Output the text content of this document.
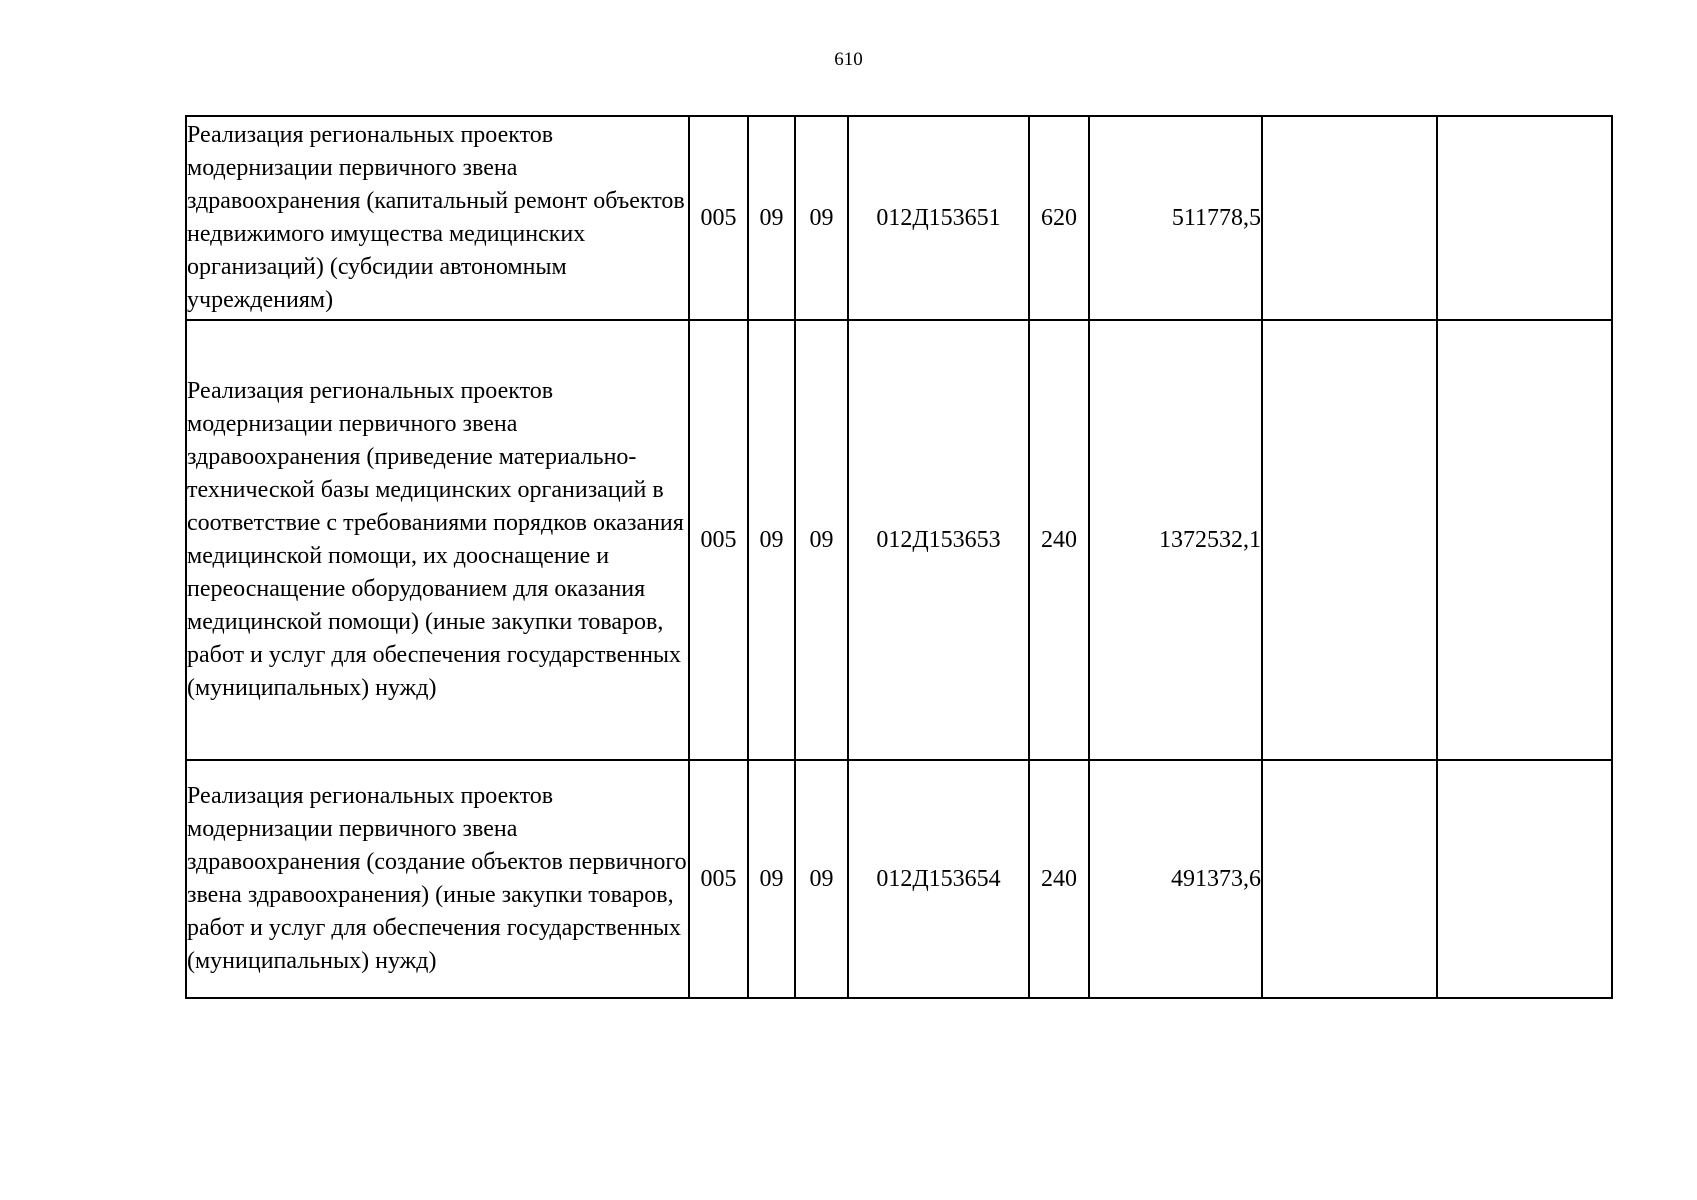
610
Реализация региональных проектов модернизации первичного звена здравоохранения (капитальный ремонт объектов недвижимого имущества медицинских организаций) (субсидии автономным учреждениям)	005	09	09	012Д153651	620	511778,5		
Реализация региональных проектов модернизации первичного звена здравоохранения (приведение материально-технической базы медицинских организаций в соответствие с требованиями порядков оказания медицинской помощи, их дооснащение и переоснащение оборудованием для оказания медицинской помощи) (иные закупки товаров, работ и услуг для обеспечения государственных (муниципальных) нужд)	005	09	09	012Д153653	240	1372532,1		
Реализация региональных проектов модернизации первичного звена здравоохранения (создание объектов первичного звена здравоохранения) (иные закупки товаров, работ и услуг для обеспечения государственных (муниципальных) нужд)	005	09	09	012Д153654	240	491373,6		
